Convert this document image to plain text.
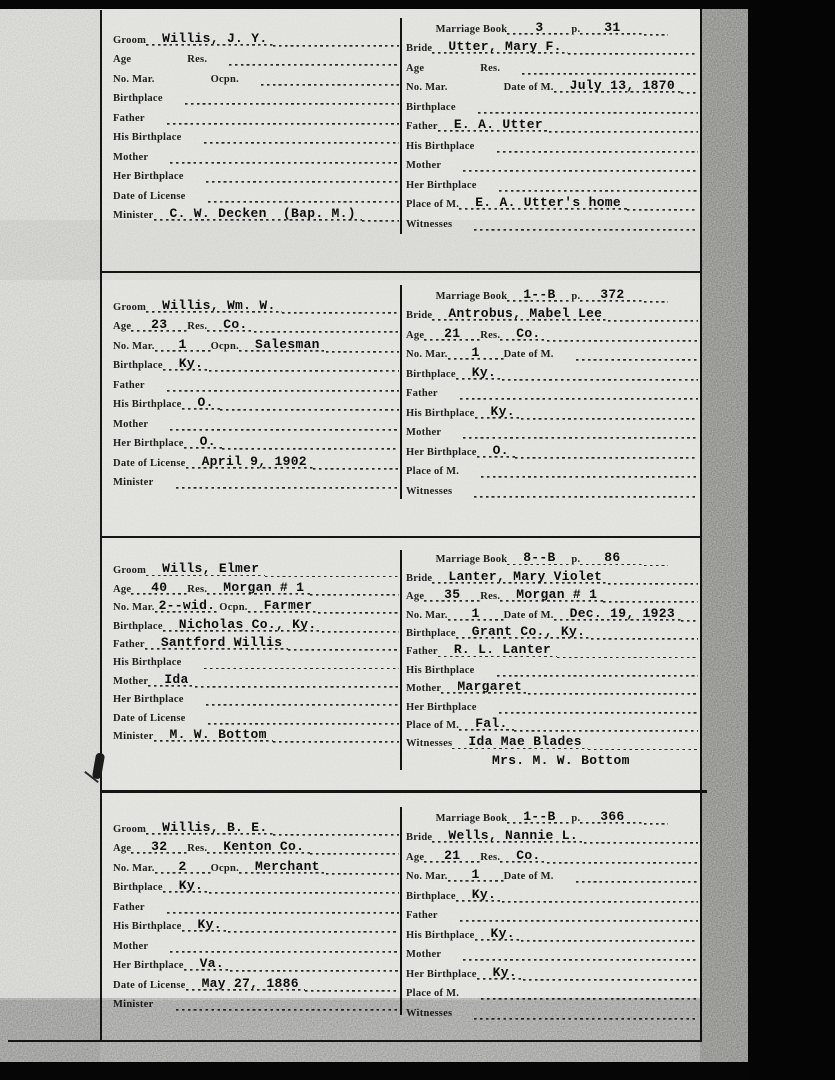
Groom	Willis, J. Y.
Age	Res.
No. Mar.	Ocpn.
Birthplace
Father
His Birthplace
Mother
Her Birthplace
Date of License
Minister	C. W. Decken  (Bap. M.)
Marriage Book	3	p.	31
Bride	Utter, Mary F.
Age	Res.
No. Mar.	Date of M.	July 13, 1870
Birthplace
Father	E. A. Utter
His Birthplace
Mother
Her Birthplace
Place of M.	E. A. Utter's home
Witnesses
Groom	Willis, Wm. W.
Age	23	Res.	Co.
No. Mar.	1	Ocpn.	Salesman
Birthplace	Ky.
Father
His Birthplace	O.
Mother
Her Birthplace	O.
Date of License	April 9, 1902
Minister
Marriage Book	1--B	p.	372
Bride	Antrobus, Mabel Lee
Age	21	Res.	Co.
No. Mar.	1	Date of M.
Birthplace	Ky.
Father
His Birthplace	Ky.
Mother
Her Birthplace	O.
Place of M.
Witnesses
Groom	Wills, Elmer
Age	40	Res.	Morgan # 1
No. Mar. 2--wid. Ocpn.	Farmer
Birthplace	Nicholas Co., Ky.
Father	Santford Willis
His Birthplace
Mother	Ida
Her Birthplace
Date of License
Minister	M. W. Bottom
Marriage Book	8--B	p.	86
Bride	Lanter, Mary Violet
Age	35	Res.	Morgan # 1
No. Mar.	1	Date of M.	Dec. 19, 1923
Birthplace	Grant Co., Ky.
Father	R. L. Lanter
His Birthplace
Mother	Margaret
Her Birthplace
Place of M.	Fal.
Witnesses	Ida Mae Blades
Mrs. M. W. Bottom
Groom	Willis, B. E.
Age	32	Res.	Kenton Co.
No. Mar.	2	Ocpn.	Merchant
Birthplace	Ky.
Father
His Birthplace	Ky.
Mother
Her Birthplace	Va.
Date of License	May 27, 1886
Minister
Marriage Book	1--B	p.	366
Bride	Wells, Nannie L.
Age	21	Res.	Co.
No. Mar.	1	Date of M.
Birthplace	Ky.
Father
His Birthplace	Ky.
Mother
Her Birthplace	Ky.
Place of M.
Witnesses
